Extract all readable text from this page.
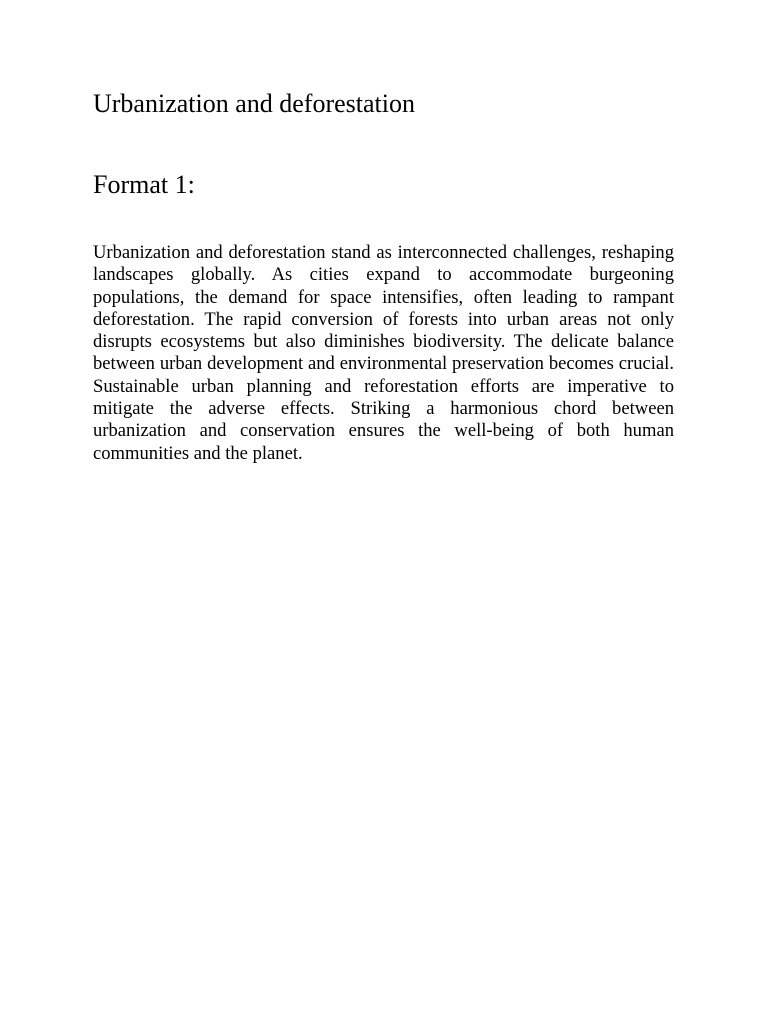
Urbanization and deforestation
Format 1:

Urbanization and deforestation stand as interconnected challenges, reshaping landscapes globally. As cities expand to accommodate burgeoning populations, the demand for space intensifies, often leading to rampant deforestation. The rapid conversion of forests into urban areas not only disrupts ecosystems but also diminishes biodiversity. The delicate balance between urban development and environmental preservation becomes crucial. Sustainable urban planning and reforestation efforts are imperative to mitigate the adverse effects. Striking a harmonious chord between urbanization and conservation ensures the well-being of both human communities and the planet.
